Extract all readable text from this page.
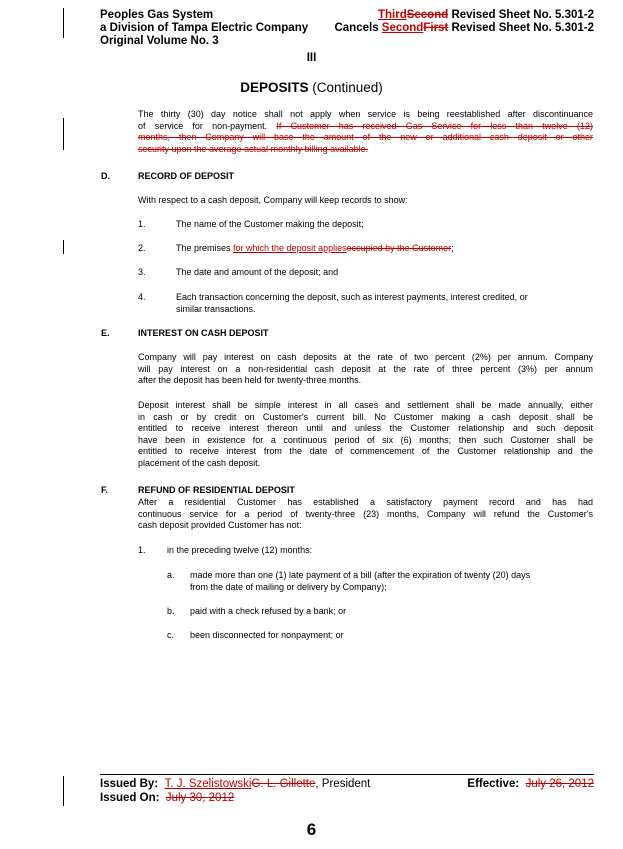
Peoples Gas System
a Division of Tampa Electric Company
Original Volume No. 3
ThirdSecond Revised Sheet No. 5.301-2
Cancels SecondFirst Revised Sheet No. 5.301-2
III
DEPOSITS (Continued)
The thirty (30) day notice shall not apply when service is being reestablished after discontinuance
of service for non-payment. If Customer has received Gas Service for less than twelve (12)
months, then Company will base the amount of the new or additional cash deposit or other
security upon the average actual monthly billing available.
D.	RECORD OF DEPOSIT
With respect to a cash deposit, Company will keep records to show:
1.	The name of the Customer making the deposit;
2.	The premises for which the deposit appliesoccupied by the Customer;
3.	The date and amount of the deposit; and
4.	Each transaction concerning the deposit, such as interest payments, interest credited, or
similar transactions.
E.	INTEREST ON CASH DEPOSIT
Company will pay interest on cash deposits at the rate of two percent (2%) per annum. Company
will pay interest on a non-residential cash deposit at the rate of three percent (3%) per annum
after the deposit has been held for twenty-three months.
Deposit interest shall be simple interest in all cases and settlement shall be made annually, either
in cash or by credit on Customer's current bill. No Customer making a cash deposit shall be
entitled to receive interest thereon until and unless the Customer relationship and such deposit
have been in existence for a continuous period of six (6) months; then such Customer shall be
entitled to receive interest from the date of commencement of the Customer relationship and the
placement of the cash deposit.
F.	REFUND OF RESIDENTIAL DEPOSIT
After a residential Customer has established a satisfactory payment record and has had
continuous service for a period of twenty-three (23) months, Company will refund the Customer's
cash deposit provided Customer has not:
1. in the preceding twelve (12) months:
a. made more than one (1) late payment of a bill (after the expiration of twenty (20) days
from the date of mailing or delivery by Company);
b. paid with a check refused by a bank; or
c. been disconnected for nonpayment; or
Issued By: T. J. SzelistowskiG. L. Gillette, President	Effective: July 26, 2012
Issued On: July 30, 2012
6
